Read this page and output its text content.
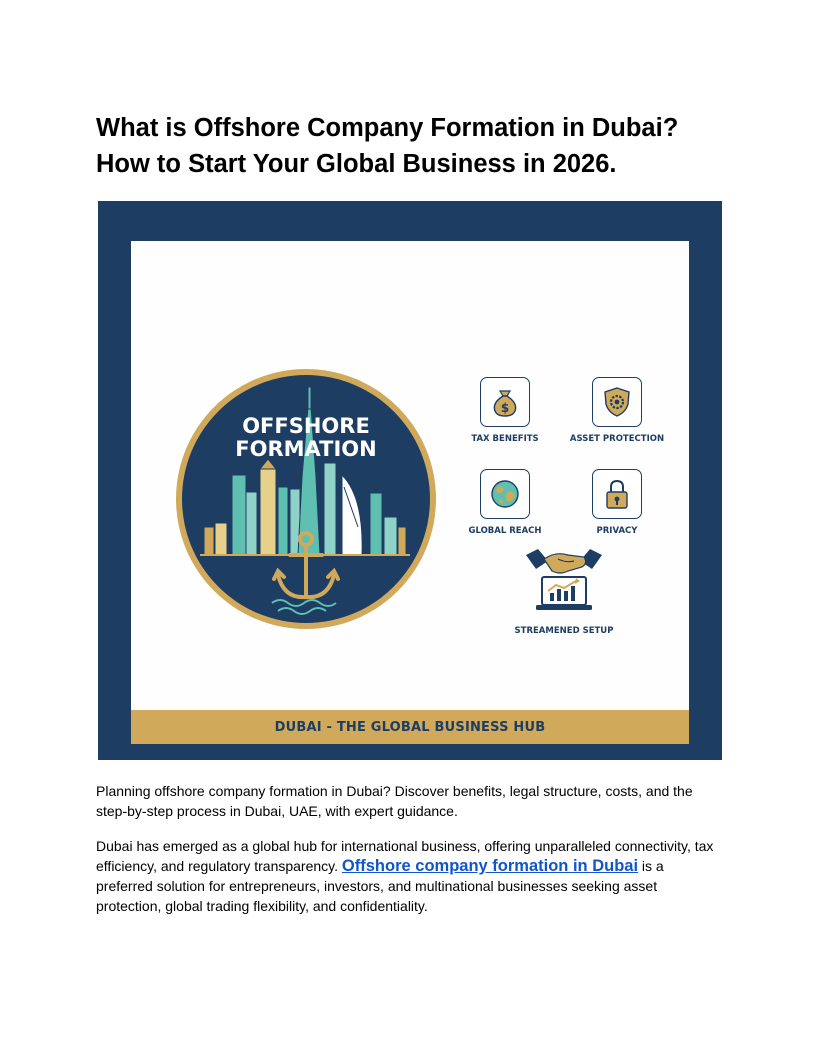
What is Offshore Company Formation in Dubai?
How to Start Your Global Business in 2026.
OFFSHORE
FORMATION
$
TAX BENEFITS	ASSET PROTECTION
GLOBAL REACH	PRIVACY
STREAMENED SETUP
DUBAI - THE GLOBAL BUSINESS HUB

Planning offshore company formation in Dubai? Discover benefits, legal structure, costs, and the step-by-step process in Dubai, UAE, with expert guidance.

Dubai has emerged as a global hub for international business, offering unparalleled connectivity, tax efficiency, and regulatory transparency. Offshore company formation in Dubai is a preferred solution for entrepreneurs, investors, and multinational businesses seeking asset protection, global trading flexibility, and confidentiality.
